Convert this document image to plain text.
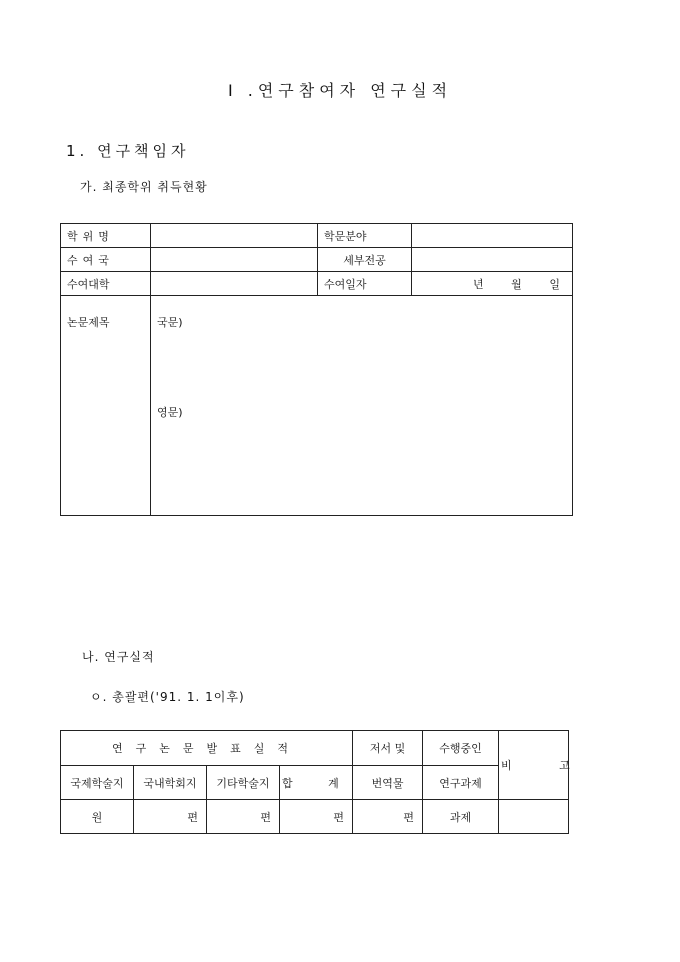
Ⅰ .연구참여자 연구실적
1. 연구책임자
가. 최종학위 취득현황
학위명		학문분야	
수여국		세부전공	
수여대학		수여일자	년 월 일

논문제목	국문)
영문)		
나. 연구실적
ㅇ. 총괄편('91. 1. 1이후)
연구논문발표실적				저서 및	수행중인	비 고
국제학술지	국내학회지	기타학술지	합 계	번역물	연구과제	
원	편	편	편	편	과제	
